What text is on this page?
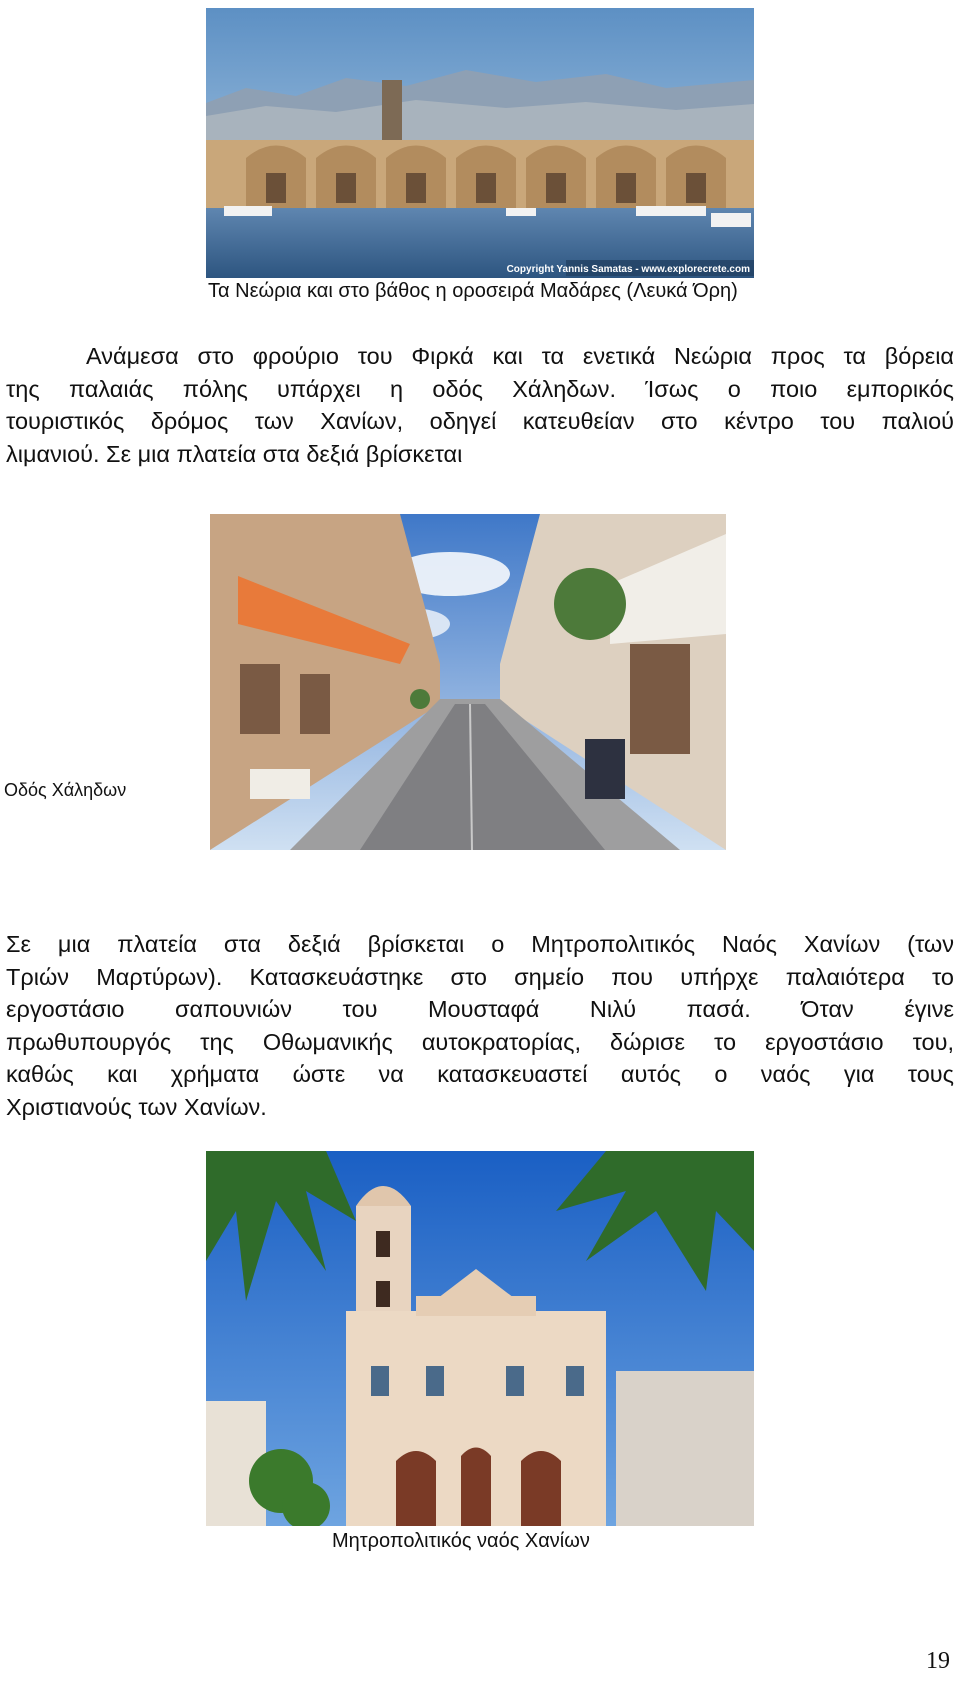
Copyright Yannis Samatas - www.explorecrete.com
Τα Νεώρια και στο βάθος η οροσειρά Μαδάρες (Λευκά Όρη)

Ανάμεσα στο φρούριο του Φιρκά και τα ενετικά Νεώρια προς τα βόρεια

της παλαιάς πόλης υπάρχει η οδός Χάληδων. Ίσως ο ποιο εμπορικός

τουριστικός δρόμος των Χανίων, οδηγεί κατευθείαν στο κέντρο του παλιού

λιμανιού. Σε μια πλατεία στα δεξιά βρίσκεται

Οδός Χάληδων

Σε μια πλατεία στα δεξιά βρίσκεται ο Μητροπολιτικός Ναός Χανίων (των

Τριών Μαρτύρων). Κατασκευάστηκε στο σημείο που υπήρχε παλαιότερα το

εργοστάσιο σαπουνιών του Μουσταφά Νιλύ πασά. Όταν έγινε

πρωθυπουργός της Οθωμανικής αυτοκρατορίας, δώρισε το εργοστάσιο του,

καθώς και χρήματα ώστε να κατασκευαστεί αυτός ο ναός για τους

Χριστιανούς των Χανίων.

Μητροπολιτικός ναός Χανίων
19
